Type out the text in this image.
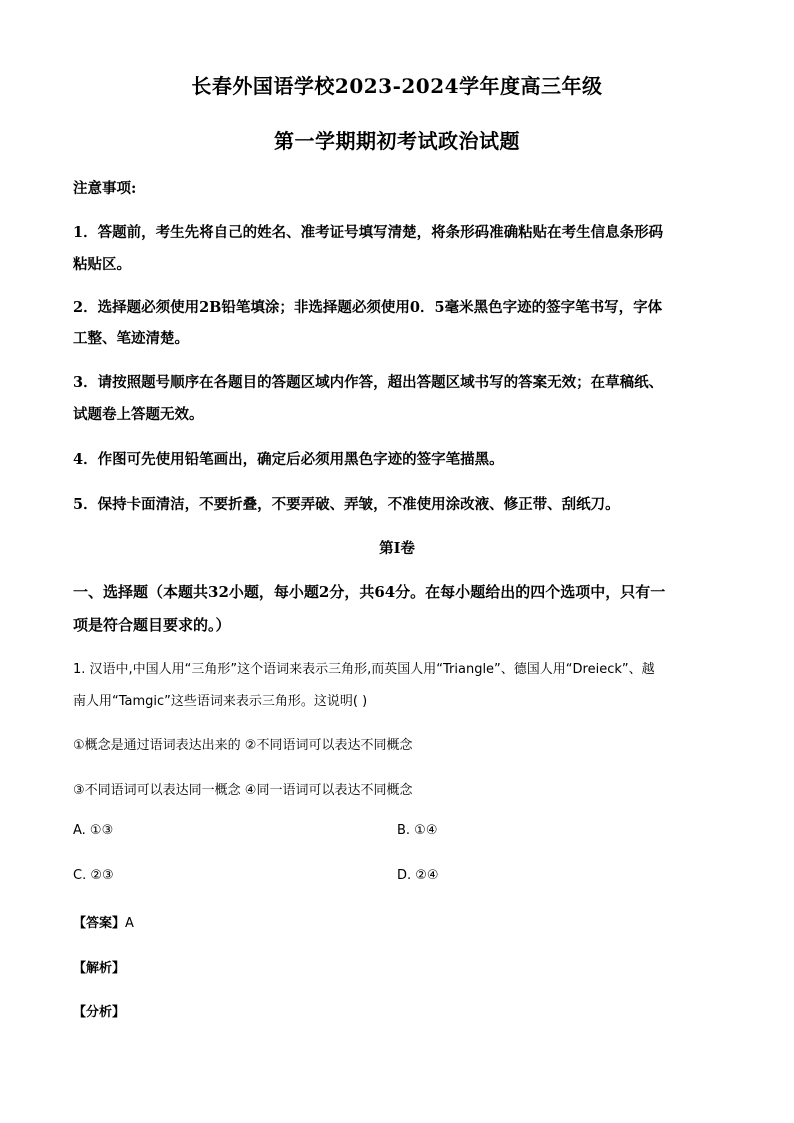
长春外国语学校2023-2024学年度高三年级
第一学期期初考试政治试题
注意事项:
1．答题前，考生先将自己的姓名、准考证号填写清楚，将条形码准确粘贴在考生信息条形码
粘贴区。
2．选择题必须使用2B铅笔填涂；非选择题必须使用0．5毫米黑色字迹的签字笔书写，字体
工整、笔迹清楚。
3．请按照题号顺序在各题目的答题区域内作答，超出答题区域书写的答案无效；在草稿纸、
试题卷上答题无效。
4．作图可先使用铅笔画出，确定后必须用黑色字迹的签字笔描黑。
5．保持卡面清洁，不要折叠，不要弄破、弄皱，不准使用涂改液、修正带、刮纸刀。
第Ⅰ卷
一、选择题（本题共32小题，每小题2分，共64分。在每小题给出的四个选项中，只有一
项是符合题目要求的。）
1. 汉语中,中国人用“三角形”这个语词来表示三角形,而英国人用“Triangle”、德国人用“Dreieck”、越
南人用“Tamgic”这些语词来表示三角形。这说明( )
①概念是通过语词表达出来的 ②不同语词可以表达不同概念
③不同语词可以表达同一概念 ④同一语词可以表达不同概念
A. ①③	B. ①④
C. ②③	D. ②④
【答案】A
【解析】
【分析】
